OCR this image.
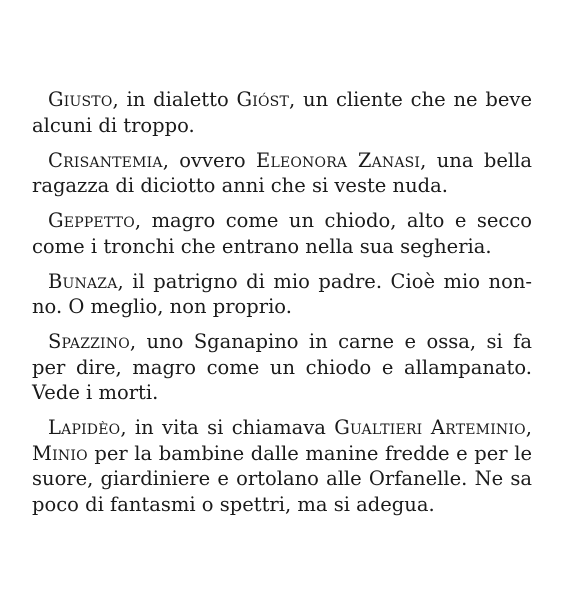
Giusto, in dialetto Gióst, un cliente che ne beve alcuni di troppo.

Crisantemia, ovvero Eleonora Zanasi, una bella ragazza di diciotto anni che si veste nuda.

Geppetto, magro come un chiodo, alto e secco come i tronchi che entrano nella sua segheria.

Bunaza, il patrigno di mio padre. Cioè mio nonno. O meglio, non proprio.

Spazzino, uno Sganapino in carne e ossa, si fa per dire, magro come un chiodo e allampanato. Vede i morti.

Lapidèo, in vita si chiamava Gualtieri Arteminio, Minio per la bambine dalle manine fredde e per le suore, giardiniere e ortolano alle Orfanelle. Ne sa poco di fantasmi o spettri, ma si adegua.
